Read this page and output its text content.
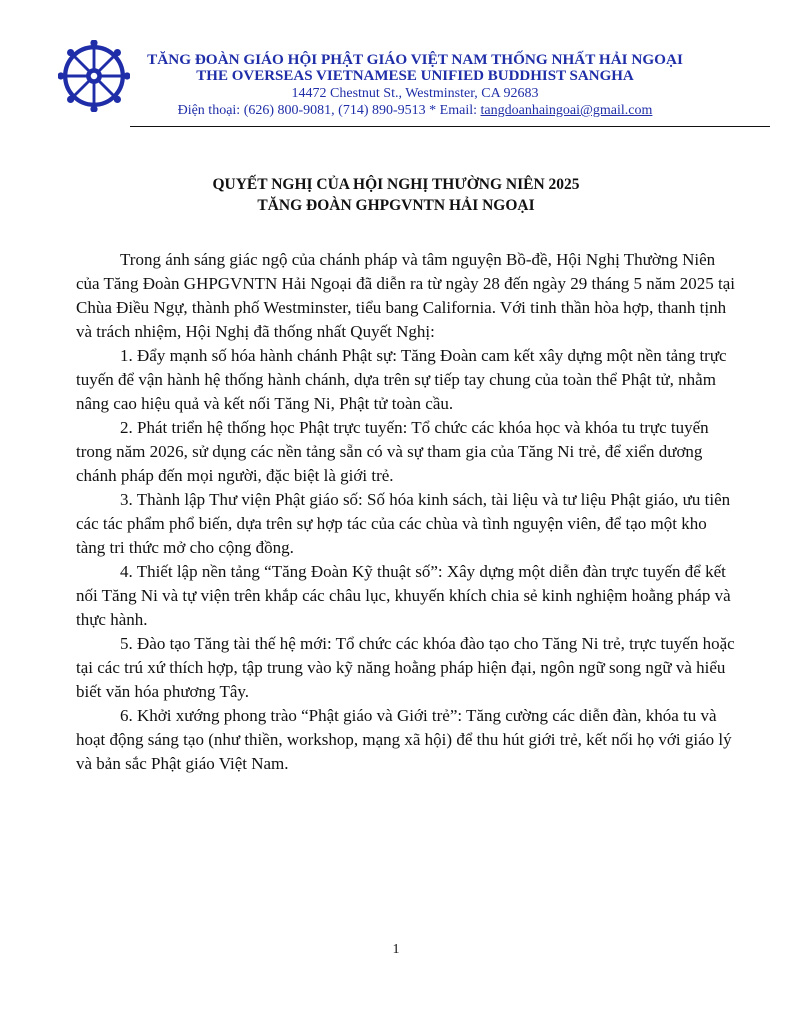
TĂNG ĐOÀN GIÁO HỘI PHẬT GIÁO VIỆT NAM THỐNG NHẤT HẢI NGOẠI
THE OVERSEAS VIETNAMESE UNIFIED BUDDHIST SANGHA
14472 Chestnut St., Westminster, CA 92683
Điện thoại: (626) 800-9081, (714) 890-9513 * Email: tangdoanhaingoai@gmail.com
QUYẾT NGHỊ CỦA HỘI NGHỊ THƯỜNG NIÊN 2025
TĂNG ĐOÀN GHPGVNTN HẢI NGOẠI

Trong ánh sáng giác ngộ của chánh pháp và tâm nguyện Bồ-đề, Hội Nghị Thường Niên của Tăng Đoàn GHPGVNTN Hải Ngoại đã diễn ra từ ngày 28 đến ngày 29 tháng 5 năm 2025 tại Chùa Điều Ngự, thành phố Westminster, tiểu bang California. Với tinh thần hòa hợp, thanh tịnh và trách nhiệm, Hội Nghị đã thống nhất Quyết Nghị:

1. Đẩy mạnh số hóa hành chánh Phật sự: Tăng Đoàn cam kết xây dựng một nền tảng trực tuyến để vận hành hệ thống hành chánh, dựa trên sự tiếp tay chung của toàn thể Phật tử, nhằm nâng cao hiệu quả và kết nối Tăng Ni, Phật tử toàn cầu.

2. Phát triển hệ thống học Phật trực tuyến: Tổ chức các khóa học và khóa tu trực tuyến trong năm 2026, sử dụng các nền tảng sẵn có và sự tham gia của Tăng Ni trẻ, để xiển dương chánh pháp đến mọi người, đặc biệt là giới trẻ.

3. Thành lập Thư viện Phật giáo số: Số hóa kinh sách, tài liệu và tư liệu Phật giáo, ưu tiên các tác phẩm phổ biến, dựa trên sự hợp tác của các chùa và tình nguyện viên, để tạo một kho tàng tri thức mở cho cộng đồng.

4. Thiết lập nền tảng “Tăng Đoàn Kỹ thuật số”: Xây dựng một diễn đàn trực tuyến để kết nối Tăng Ni và tự viện trên khắp các châu lục, khuyến khích chia sẻ kinh nghiệm hoằng pháp và thực hành.

5. Đào tạo Tăng tài thế hệ mới: Tổ chức các khóa đào tạo cho Tăng Ni trẻ, trực tuyến hoặc tại các trú xứ thích hợp, tập trung vào kỹ năng hoằng pháp hiện đại, ngôn ngữ song ngữ và hiểu biết văn hóa phương Tây.

6. Khởi xướng phong trào “Phật giáo và Giới trẻ”: Tăng cường các diễn đàn, khóa tu và hoạt động sáng tạo (như thiền, workshop, mạng xã hội) để thu hút giới trẻ, kết nối họ với giáo lý và bản sắc Phật giáo Việt Nam.

1
